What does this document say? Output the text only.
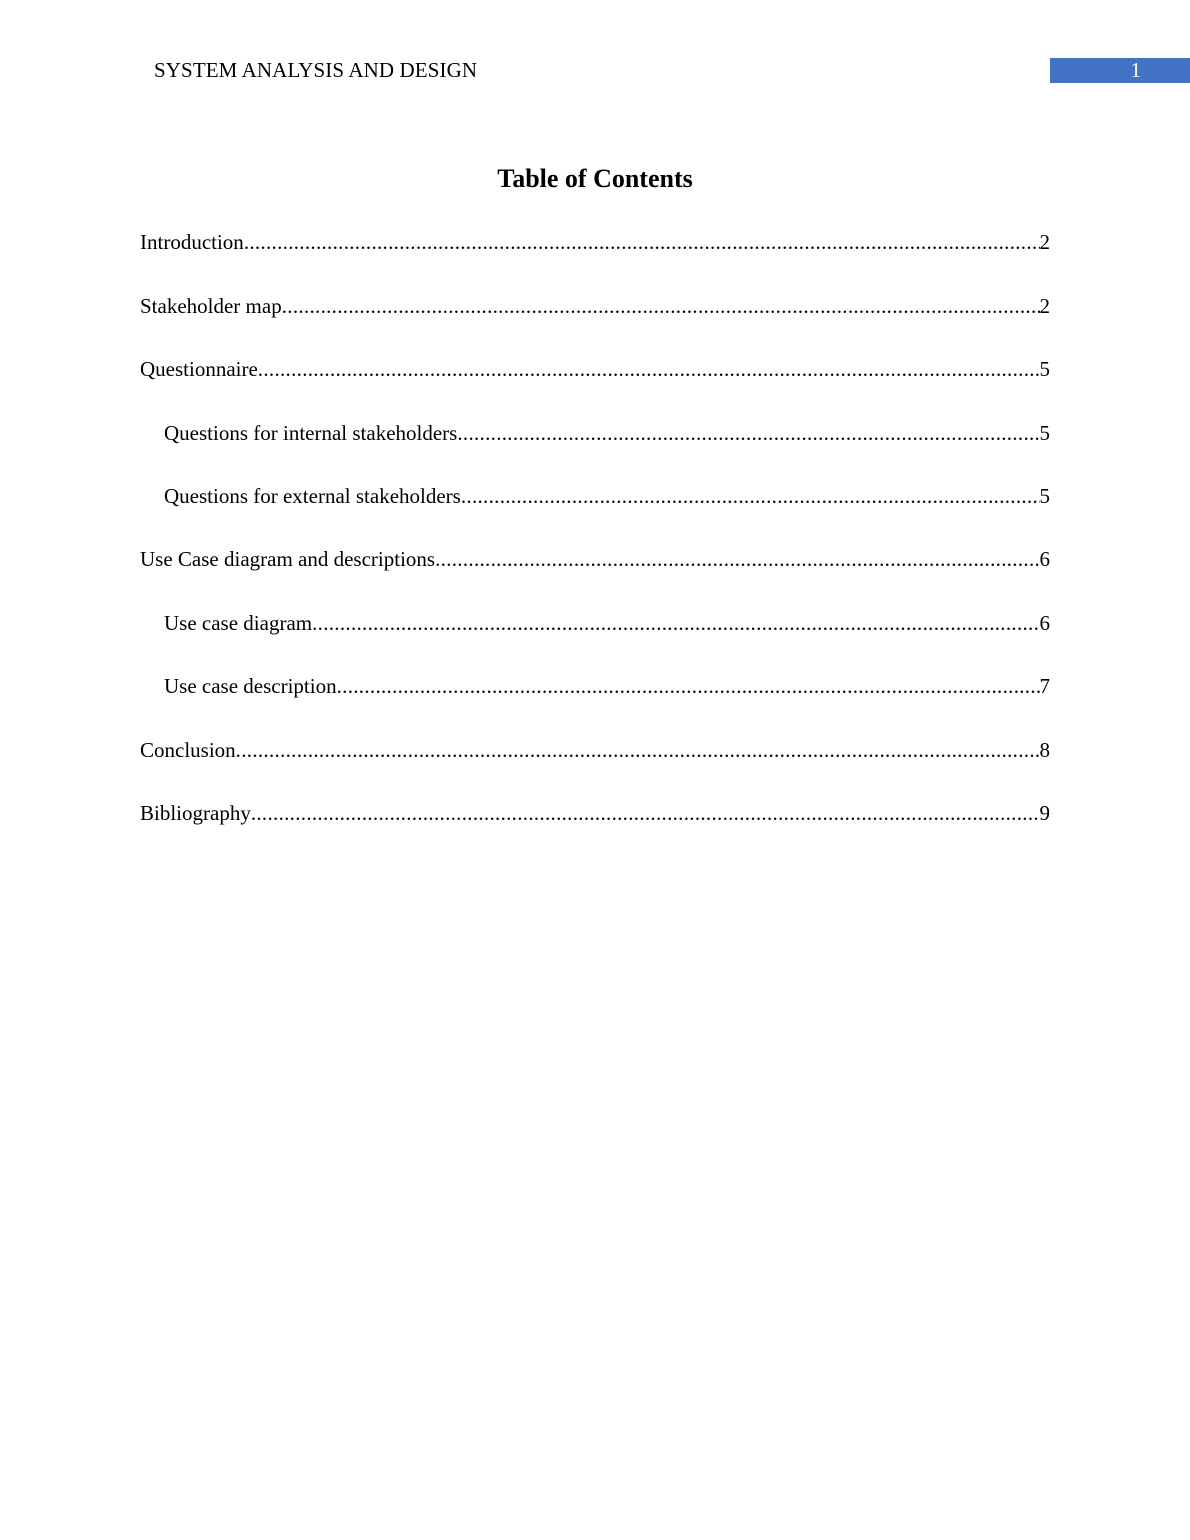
SYSTEM ANALYSIS AND DESIGN	1
Table of Contents
Introduction .....	2
Stakeholder map .....	2
Questionnaire .....	5
Questions for internal stakeholders .....	5
Questions for external stakeholders .....	5
Use Case diagram and descriptions .....	6
Use case diagram .....	6
Use case description .....	7
Conclusion .....	8
Bibliography .....	9
